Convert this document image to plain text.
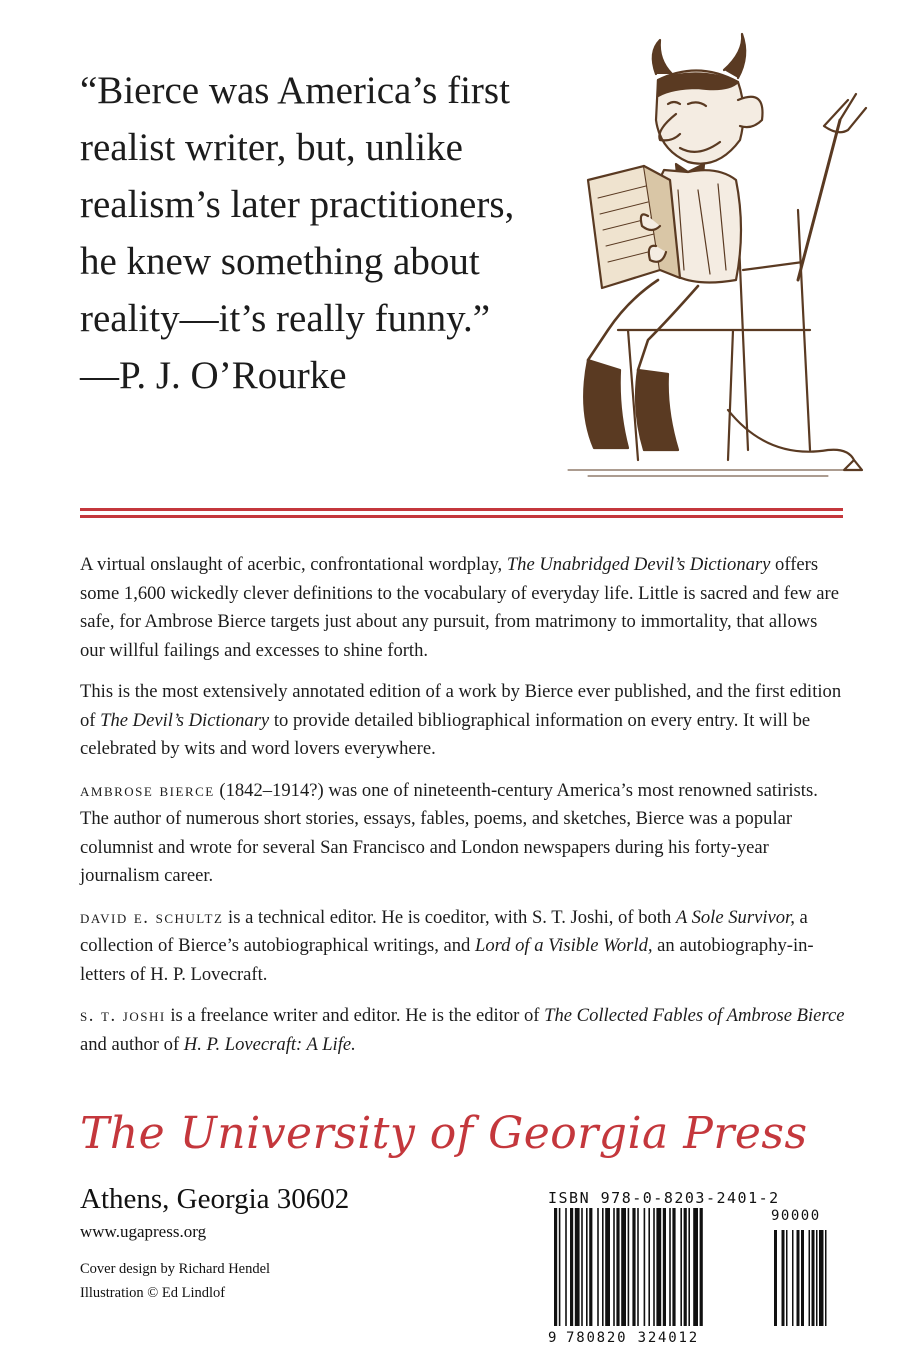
“Bierce was America’s first
realist writer, but, unlike
realism’s later practitioners,
he knew something about
reality—it’s really funny.”
—P. J. O’Rourke

A virtual onslaught of acerbic, confrontational wordplay, The Unabridged Devil’s Dictionary offers some 1,600 wickedly clever definitions to the vocabulary of everyday life. Little is sacred and few are safe, for Ambrose Bierce targets just about any pursuit, from matrimony to immortality, that allows our willful failings and excesses to shine forth.

This is the most extensively annotated edition of a work by Bierce ever published, and the first edition of The Devil’s Dictionary to provide detailed bibliographical information on every entry. It will be celebrated by wits and word lovers everywhere.

ambrose bierce (1842–1914?) was one of nineteenth-century America’s most renowned satirists. The author of numerous short stories, essays, fables, poems, and sketches, Bierce was a popular columnist and wrote for several San Francisco and London newspapers during his forty-year journalism career.

david e. schultz is a technical editor. He is coeditor, with S. T. Joshi, of both A Sole Survivor, a collection of Bierce’s autobiographical writings, and Lord of a Visible World, an autobiography-in-letters of H. P. Lovecraft.

s. t. joshi is a freelance writer and editor. He is the editor of The Collected Fables of Ambrose Bierce and author of H. P. Lovecraft: A Life.

The University of Georgia Press
Athens, Georgia 30602
www.ugapress.org
Cover design by Richard Hendel
Illustration © Ed Lindlof
ISBN 978-0-8203-2401-2
90000
9 780820 324012
